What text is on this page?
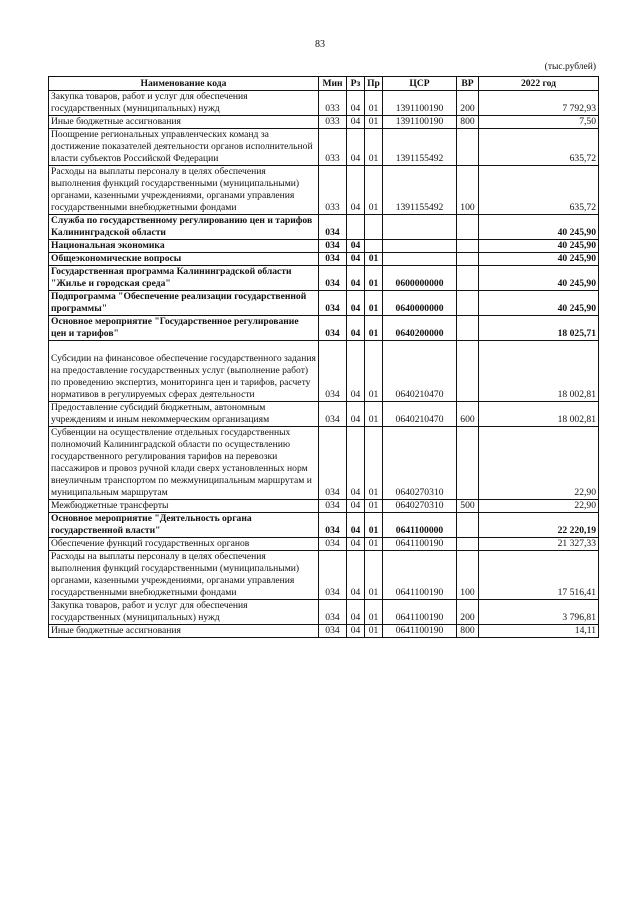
83
(тыс.рублей)
Наименование кода	Мин	Рз	Пр	ЦСР	ВР	2022 год
Закупка товаров, работ и услуг для обеспечения государственных (муниципальных) нужд	033	04	01	1391100190	200	7 792,93
Иные бюджетные ассигнования	033	04	01	1391100190	800	7,50
Поощрение региональных управленческих команд за достижение показателей деятельности органов исполнительной власти субъектов Российской Федерации	033	04	01	1391155492		635,72
Расходы на выплаты персоналу в целях обеспечения выполнения функций государственными (муниципальными) органами, казенными учреждениями, органами управления государственными внебюджетными фондами	033	04	01	1391155492	100	635,72
Служба по государственному регулированию цен и тарифов Калининградской области	034					40 245,90
Национальная экономика	034	04				40 245,90
Общеэкономические вопросы	034	04	01			40 245,90
Государственная программа Калининградской области "Жилье и городская среда"	034	04	01	0600000000		40 245,90
Подпрограмма "Обеспечение реализации государственной программы"	034	04	01	0640000000		40 245,90
Основное мероприятие "Государственное регулирование цен и тарифов"	034	04	01	0640200000		18 025,71
Субсидии на финансовое обеспечение государственного задания на предоставление государственных услуг (выполнение работ) по проведению экспертиз, мониторинга цен и тарифов, расчету нормативов в регулируемых сферах деятельности	034	04	01	0640210470		18 002,81
Предоставление субсидий бюджетным, автономным учреждениям и иным некоммерческим организациям	034	04	01	0640210470	600	18 002,81
Субвенции на осуществление отдельных государственных полномочий Калининградской области по осуществлению государственного регулирования тарифов на перевозки пассажиров и провоз ручной клади сверх установленных норм внеуличным транспортом по межмуниципальным маршрутам и муниципальным маршрутам	034	04	01	0640270310		22,90
Межбюджетные трансферты	034	04	01	0640270310	500	22,90
Основное мероприятие "Деятельность органа государственной власти"	034	04	01	0641100000		22 220,19
Обеспечение функций государственных органов	034	04	01	0641100190		21 327,33
Расходы на выплаты персоналу в целях обеспечения выполнения функций государственными (муниципальными) органами, казенными учреждениями, органами управления государственными внебюджетными фондами	034	04	01	0641100190	100	17 516,41
Закупка товаров, работ и услуг для обеспечения государственных (муниципальных) нужд	034	04	01	0641100190	200	3 796,81
Иные бюджетные ассигнования	034	04	01	0641100190	800	14,11
